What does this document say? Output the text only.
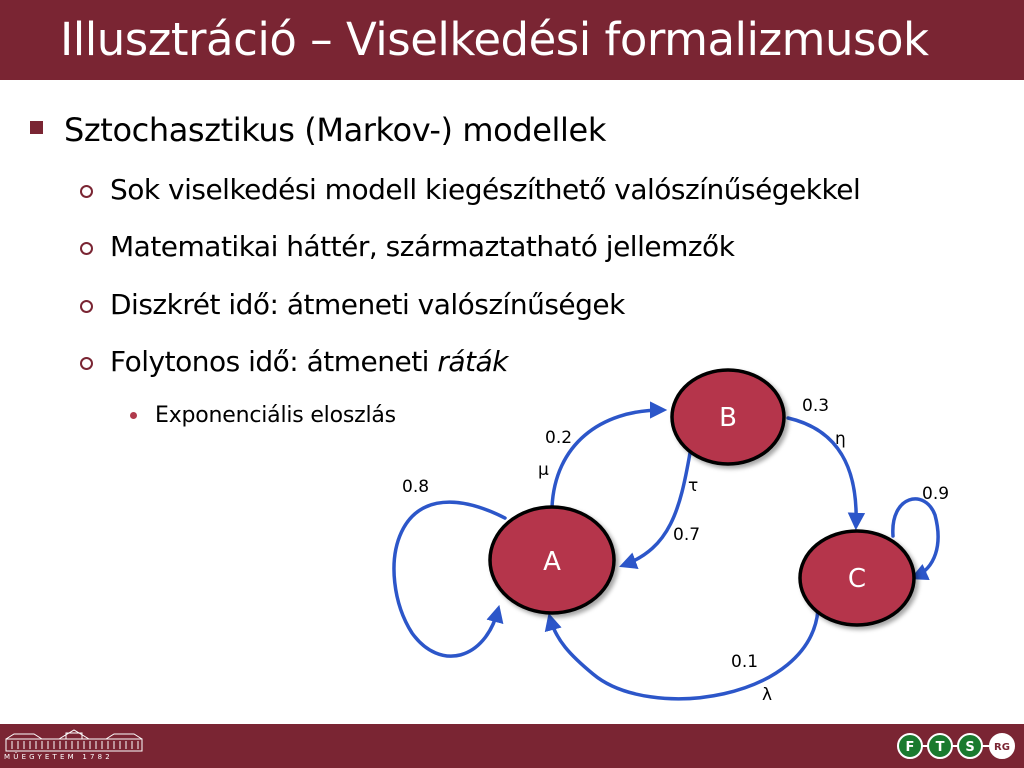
Illusztráció – Viselkedési formalizmusok
Sztochasztikus (Markov-) modellek
Sok viselkedési modell kiegészíthető valószínűségekkel
Matematikai háttér, származtatható jellemzők
Diszkrét idő: átmeneti valószínűségek
Folytonos idő: átmeneti ráták
Exponenciális eloszlás
A
B
C
0.8
0.2
μ
0.7
τ
0.3
η
0.9
0.1
λ
MŰEGYETEM 1782
F T S RG
